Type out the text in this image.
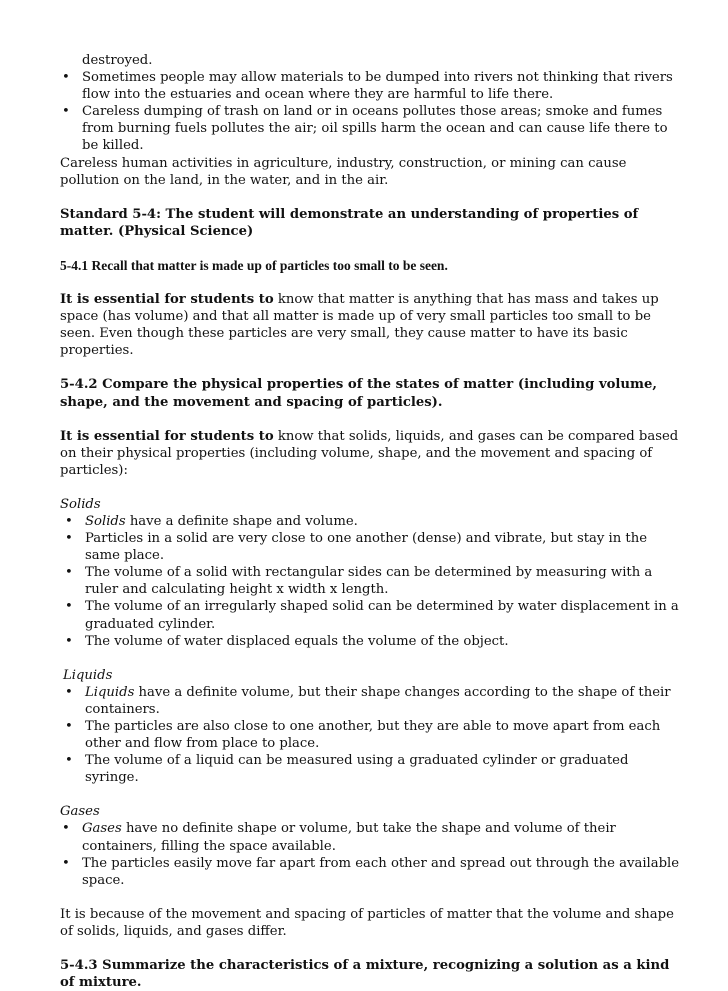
destroyed.

• Sometimes people may allow materials to be dumped into rivers not thinking that rivers flow into the estuaries and ocean where they are harmful to life there.
• Careless dumping of trash on land or in oceans pollutes those areas; smoke and fumes from burning fuels pollutes the air; oil spills harm the ocean and can cause life there to be killed.

Careless human activities in agriculture, industry, construction, or mining can cause pollution on the land, in the water, and in the air.

Standard 5-4: The student will demonstrate an understanding of properties of matter. (Physical Science)

5-4.1 Recall that matter is made up of particles too small to be seen.

It is essential for students to know that matter is anything that has mass and takes up space (has volume) and that all matter is made up of very small particles too small to be seen. Even though these particles are very small, they cause matter to have its basic properties.

5-4.2 Compare the physical properties of the states of matter (including volume, shape, and the movement and spacing of particles).

It is essential for students to know that solids, liquids, and gases can be compared based on their physical properties (including volume, shape, and the movement and spacing of particles):

Solids

• Solids have a definite shape and volume.
• Particles in a solid are very close to one another (dense) and vibrate, but stay in the same place.
• The volume of a solid with rectangular sides can be determined by measuring with a ruler and calculating height x width x length.
• The volume of an irregularly shaped solid can be determined by water displacement in a graduated cylinder.
• The volume of water displaced equals the volume of the object.

Liquids

• Liquids have a definite volume, but their shape changes according to the shape of their containers.
• The particles are also close to one another, but they are able to move apart from each other and flow from place to place.
• The volume of a liquid can be measured using a graduated cylinder or graduated syringe.

Gases

• Gases have no definite shape or volume, but take the shape and volume of their containers, filling the space available.
• The particles easily move far apart from each other and spread out through the available space.

It is because of the movement and spacing of particles of matter that the volume and shape of solids, liquids, and gases differ.

5-4.3 Summarize the characteristics of a mixture, recognizing a solution as a kind of mixture.
